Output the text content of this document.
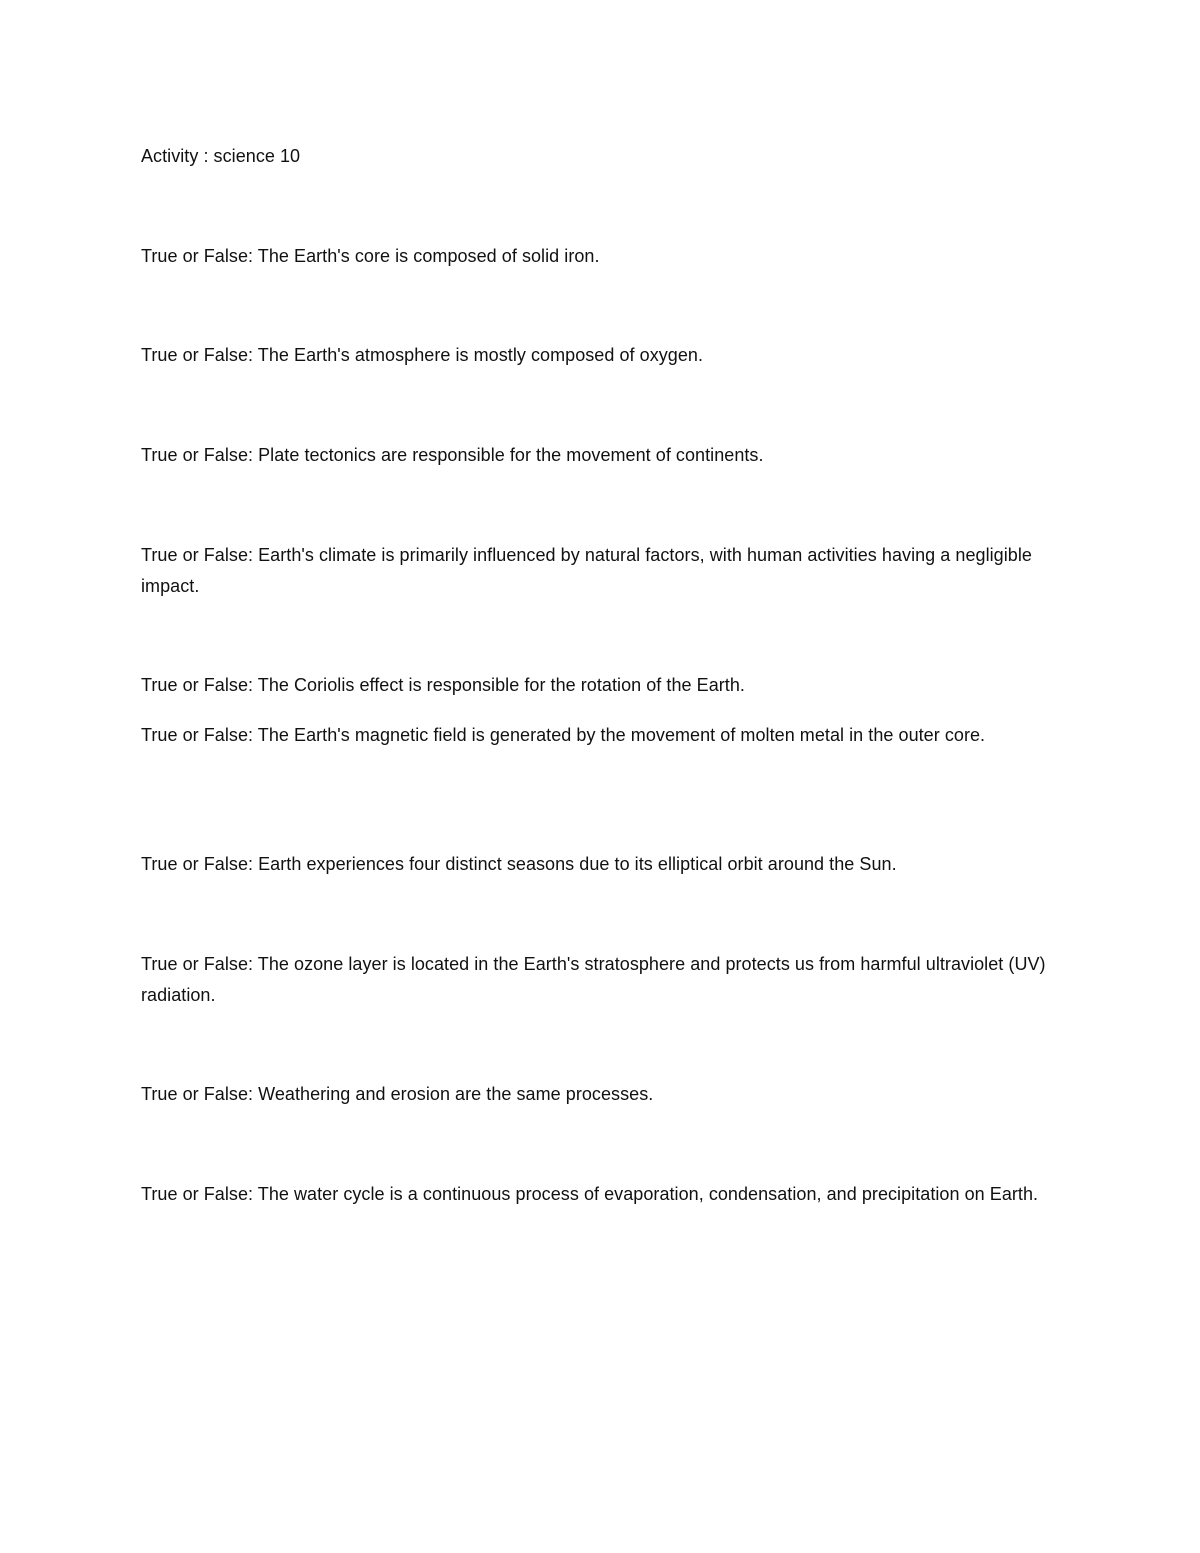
Activity : science 10
True or False: The Earth's core is composed of solid iron.
True or False: The Earth's atmosphere is mostly composed of oxygen.
True or False: Plate tectonics are responsible for the movement of continents.
True or False: Earth's climate is primarily influenced by natural factors, with human activities having a negligible impact.
True or False: The Coriolis effect is responsible for the rotation of the Earth.
True or False: The Earth's magnetic field is generated by the movement of molten metal in the outer core.
True or False: Earth experiences four distinct seasons due to its elliptical orbit around the Sun.
True or False: The ozone layer is located in the Earth's stratosphere and protects us from harmful ultraviolet (UV) radiation.
True or False: Weathering and erosion are the same processes.
True or False: The water cycle is a continuous process of evaporation, condensation, and precipitation on Earth.
